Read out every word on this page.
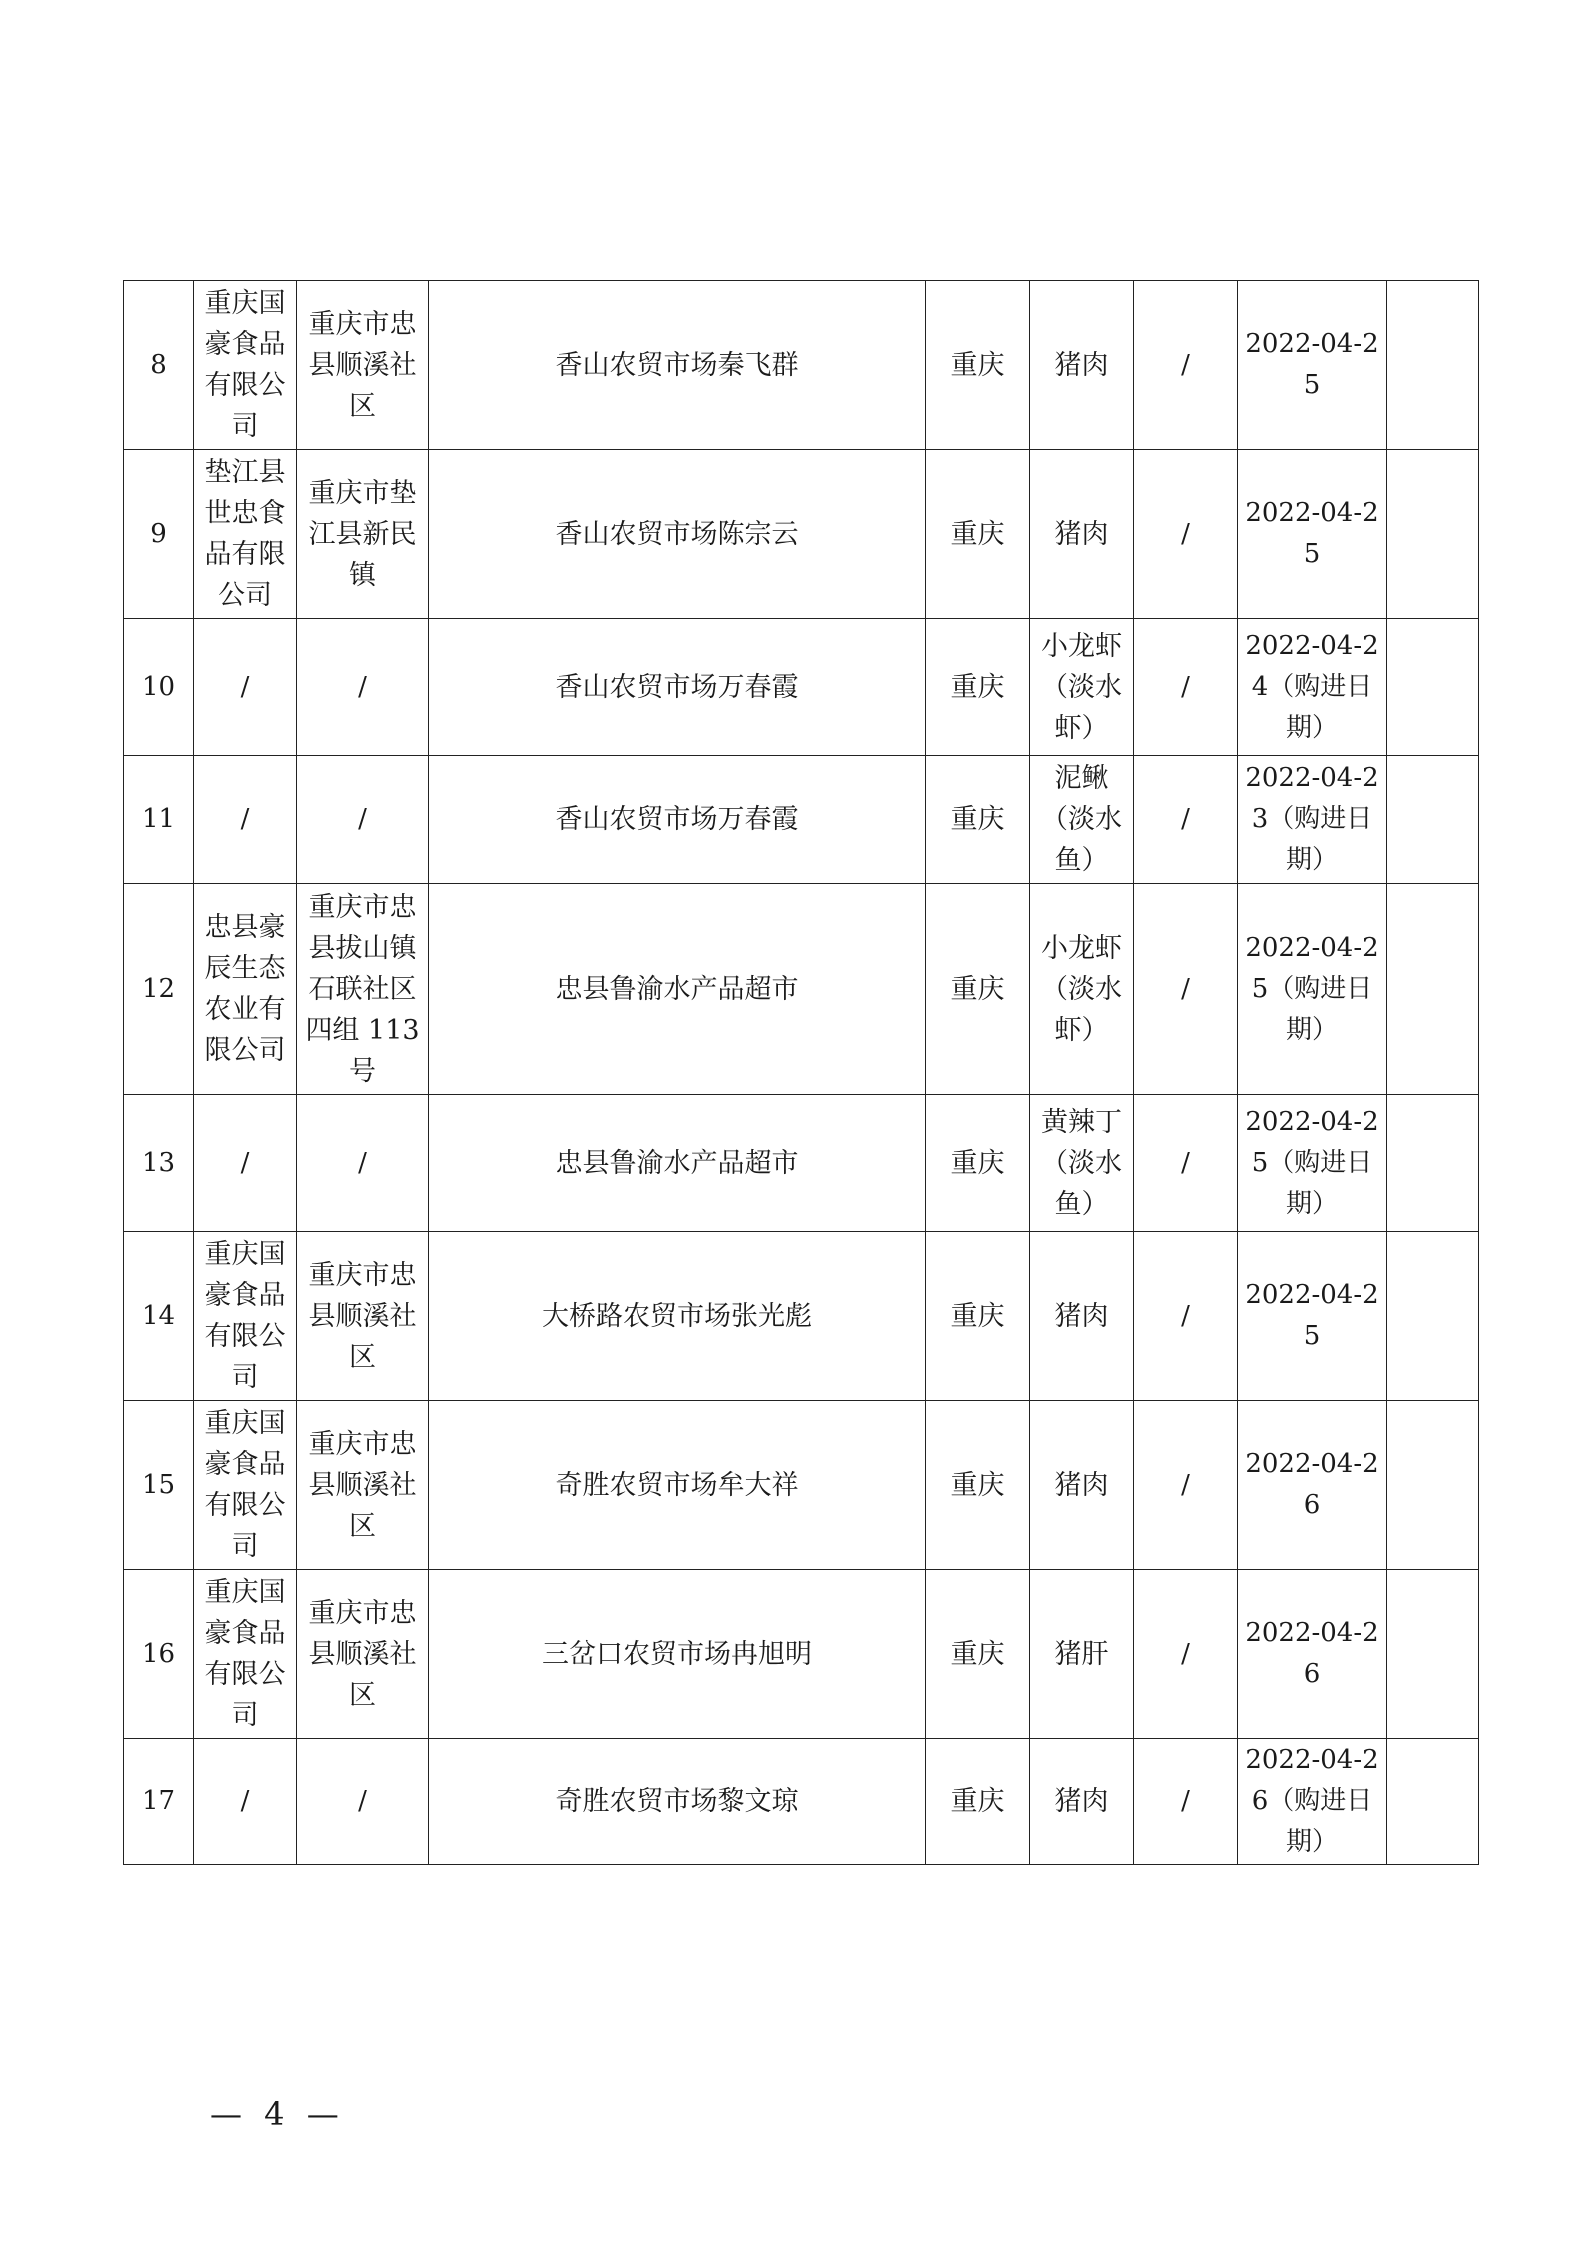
8	重庆国豪食品有限公司	重庆市忠县顺溪社区	香山农贸市场秦飞群	重庆	猪肉	/	2022-04-25	
9	垫江县世忠食品有限公司	重庆市垫江县新民镇	香山农贸市场陈宗云	重庆	猪肉	/	2022-04-25	
10	/	/	香山农贸市场万春霞	重庆	小龙虾（淡水虾）	/	2022-04-24（购进日期）	
11	/	/	香山农贸市场万春霞	重庆	泥鳅（淡水鱼）	/	2022-04-23（购进日期）	
12	忠县豪辰生态农业有限公司	重庆市忠县拔山镇石联社区四组 113 号	忠县鲁渝水产品超市	重庆	小龙虾（淡水虾）	/	2022-04-25（购进日期）	
13	/	/	忠县鲁渝水产品超市	重庆	黄辣丁（淡水鱼）	/	2022-04-25（购进日期）	
14	重庆国豪食品有限公司	重庆市忠县顺溪社区	大桥路农贸市场张光彪	重庆	猪肉	/	2022-04-25	
15	重庆国豪食品有限公司	重庆市忠县顺溪社区	奇胜农贸市场牟大祥	重庆	猪肉	/	2022-04-26	
16	重庆国豪食品有限公司	重庆市忠县顺溪社区	三岔口农贸市场冉旭明	重庆	猪肝	/	2022-04-26	
17	/	/	奇胜农贸市场黎文琼	重庆	猪肉	/	2022-04-26（购进日期）	
— 4 —
